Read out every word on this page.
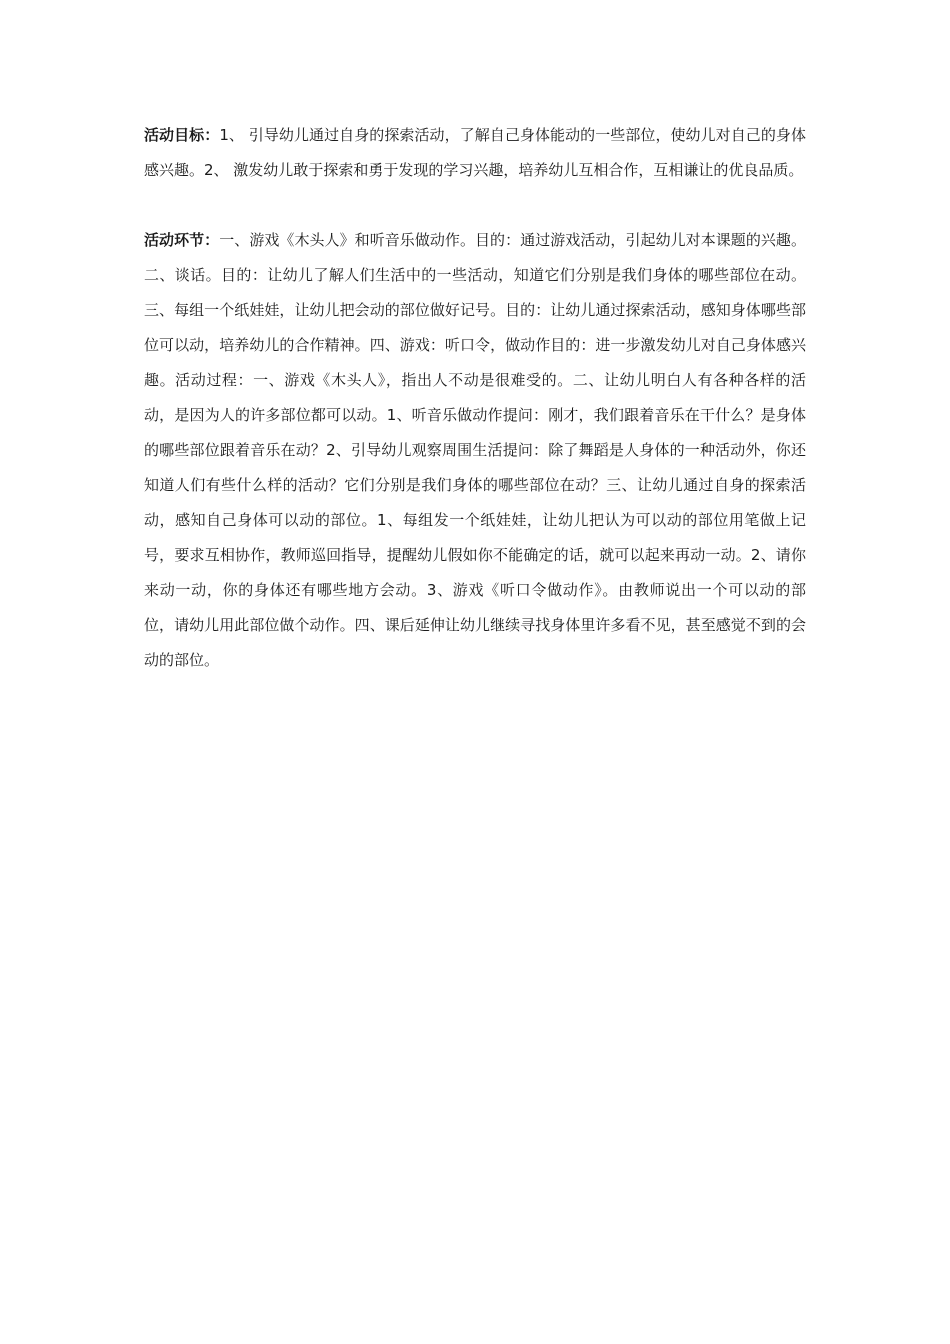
活动目标：1、 引导幼儿通过自身的探索活动，了解自己身体能动的一些部位，使幼儿对自己的身体感兴趣。2、 激发幼儿敢于探索和勇于发现的学习兴趣，培养幼儿互相合作，互相谦让的优良品质。

活动环节：一、游戏《木头人》和听音乐做动作。目的：通过游戏活动，引起幼儿对本课题的兴趣。二、谈话。目的：让幼儿了解人们生活中的一些活动，知道它们分别是我们身体的哪些部位在动。三、每组一个纸娃娃，让幼儿把会动的部位做好记号。目的：让幼儿通过探索活动，感知身体哪些部位可以动，培养幼儿的合作精神。四、游戏：听口令，做动作目的：进一步激发幼儿对自己身体感兴趣。活动过程：一、游戏《木头人》，指出人不动是很难受的。二、让幼儿明白人有各种各样的活动，是因为人的许多部位都可以动。1、听音乐做动作提问：刚才，我们跟着音乐在干什么？是身体的哪些部位跟着音乐在动？2、引导幼儿观察周围生活提问：除了舞蹈是人身体的一种活动外，你还知道人们有些什么样的活动？它们分别是我们身体的哪些部位在动？三、让幼儿通过自身的探索活动，感知自己身体可以动的部位。1、每组发一个纸娃娃，让幼儿把认为可以动的部位用笔做上记号，要求互相协作，教师巡回指导，提醒幼儿假如你不能确定的话，就可以起来再动一动。2、请你来动一动，你的身体还有哪些地方会动。3、游戏《听口令做动作》。由教师说出一个可以动的部位，请幼儿用此部位做个动作。四、课后延伸让幼儿继续寻找身体里许多看不见，甚至感觉不到的会动的部位。
